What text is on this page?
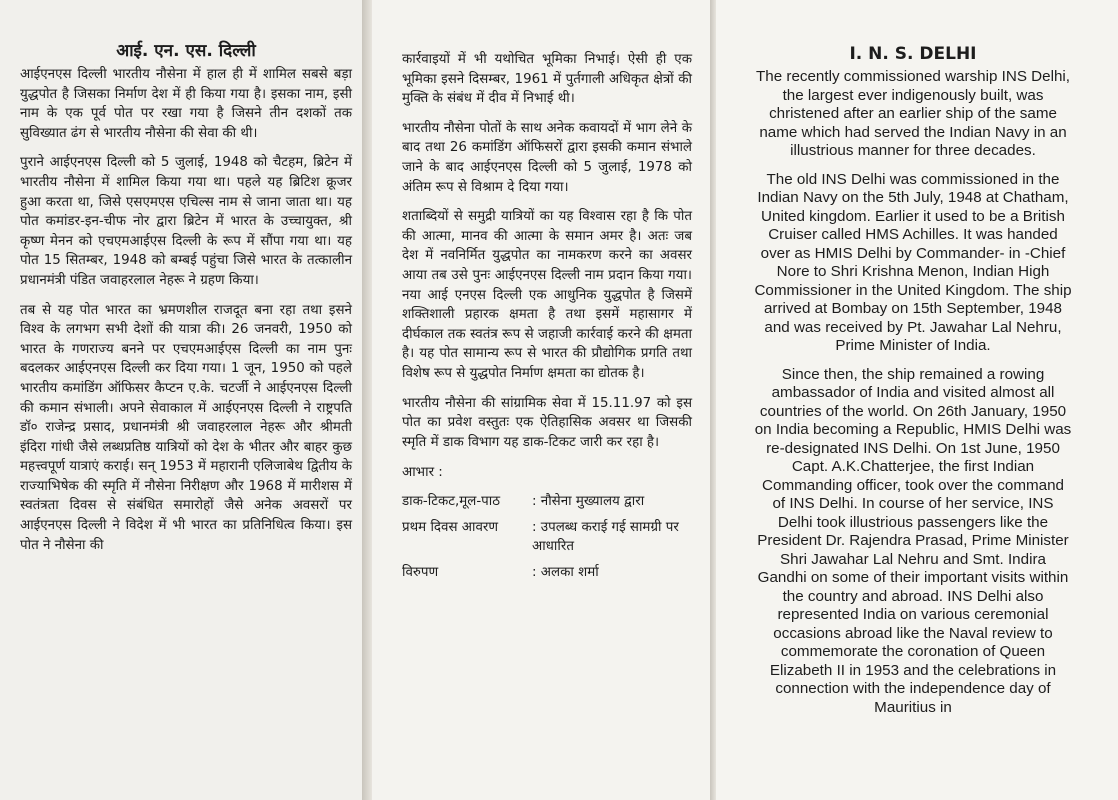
आई. एन. एस. दिल्ली

आईएनएस दिल्ली भारतीय नौसेना में हाल ही में शामिल सबसे बड़ा युद्धपोत है जिसका निर्माण देश में ही किया गया है। इसका नाम, इसी नाम के एक पूर्व पोत पर रखा गया है जिसने तीन दशकों तक सुविख्यात ढंग से भारतीय नौसेना की सेवा की थी।

पुराने आईएनएस दिल्ली को 5 जुलाई, 1948 को चैटहम, ब्रिटेन में भारतीय नौसेना में शामिल किया गया था। पहले यह ब्रिटिश क्रूजर हुआ करता था, जिसे एसएमएस एचिल्स नाम से जाना जाता था। यह पोत कमांडर-इन-चीफ नोर द्वारा ब्रिटेन में भारत के उच्चायुक्त, श्री कृष्ण मेनन को एचएमआईएस दिल्ली के रूप में सौंपा गया था। यह पोत 15 सितम्बर, 1948 को बम्बई पहुंचा जिसे भारत के तत्कालीन प्रधानमंत्री पंडित जवाहरलाल नेहरू ने ग्रहण किया।

तब से यह पोत भारत का भ्रमणशील राजदूत बना रहा तथा इसने विश्व के लगभग सभी देशों की यात्रा की। 26 जनवरी, 1950 को भारत के गणराज्य बनने पर एचएमआईएस दिल्ली का नाम पुनः बदलकर आईएनएस दिल्ली कर दिया गया। 1 जून, 1950 को पहले भारतीय कमांडिंग ऑफिसर कैप्टन ए.के. चटर्जी ने आईएनएस दिल्ली की कमान संभाली। अपने सेवाकाल में आईएनएस दिल्ली ने राष्ट्रपति डॉ० राजेन्द्र प्रसाद, प्रधानमंत्री श्री जवाहरलाल नेहरू और श्रीमती इंदिरा गांधी जैसे लब्धप्रतिष्ठ यात्रियों को देश के भीतर और बाहर कुछ महत्त्वपूर्ण यात्राएं कराई। सन् 1953 में महारानी एलिजाबेथ द्वितीय के राज्याभिषेक की स्मृति में नौसेना निरीक्षण और 1968 में मारीशस में स्वतंत्रता दिवस से संबंधित समारोहों जैसे अनेक अवसरों पर आईएनएस दिल्ली ने विदेश में भी भारत का प्रतिनिधित्व किया। इस पोत ने नौसेना की

कार्रवाइयों में भी यथोचित भूमिका निभाई। ऐसी ही एक भूमिका इसने दिसम्बर, 1961 में पुर्तगाली अधिकृत क्षेत्रों की मुक्ति के संबंध में दीव में निभाई थी।

भारतीय नौसेना पोतों के साथ अनेक कवायदों में भाग लेने के बाद तथा 26 कमांडिंग ऑफिसरों द्वारा इसकी कमान संभाले जाने के बाद आईएनएस दिल्ली को 5 जुलाई, 1978 को अंतिम रूप से विश्राम दे दिया गया।

शताब्दियों से समुद्री यात्रियों का यह विश्वास रहा है कि पोत की आत्मा, मानव की आत्मा के समान अमर है। अतः जब देश में नवनिर्मित युद्धपोत का नामकरण करने का अवसर आया तब उसे पुनः आईएनएस दिल्ली नाम प्रदान किया गया। नया आई एनएस दिल्ली एक आधुनिक युद्धपोत है जिसमें शक्तिशाली प्रहारक क्षमता है तथा इसमें महासागर में दीर्घकाल तक स्वतंत्र रूप से जहाजी कार्रवाई करने की क्षमता है। यह पोत सामान्य रूप से भारत की प्रौद्योगिक प्रगति तथा विशेष रूप से युद्धपोत निर्माण क्षमता का द्योतक है।

भारतीय नौसेना की सांग्रामिक सेवा में 15.11.97 को इस पोत का प्रवेश वस्तुतः एक ऐतिहासिक अवसर था जिसकी स्मृति में डाक विभाग यह डाक-टिकट जारी कर रहा है।

आभार :
डाक-टिकट,मूल-पाठ	: नौसेना मुख्यालय द्वारा
प्रथम दिवस आवरण	: उपलब्ध कराई गई सामग्री पर आधारित
विरुपण	: अलका शर्मा
I. N. S. DELHI

The recently commissioned warship INS Delhi, the largest ever indigenously built, was christened after an earlier ship of the same name which had served the Indian Navy in an illustrious manner for three decades.

The old INS Delhi was commissioned in the Indian Navy on the 5th July, 1948 at Chatham, United kingdom. Earlier it used to be a British Cruiser called HMS Achilles. It was handed over as HMIS Delhi by Commander- in -Chief Nore to Shri Krishna Menon, Indian High Commissioner in the United Kingdom. The ship arrived at Bombay on 15th September, 1948 and was received by Pt. Jawahar Lal Nehru, Prime Minister of India.

Since then, the ship remained a rowing ambassador of India and visited almost all countries of the world. On 26th January, 1950 on India becoming a Republic, HMIS Delhi was re-designated INS Delhi. On 1st June, 1950 Capt. A.K.Chatterjee, the first Indian Commanding officer, took over the command of INS Delhi. In course of her service, INS Delhi took illustrious passengers like the President Dr. Rajendra Prasad, Prime Minister Shri Jawahar Lal Nehru and Smt. Indira Gandhi on some of their important visits within the country and abroad. INS Delhi also represented India on various ceremonial occasions abroad like the Naval review to commemorate the coronation of Queen Elizabeth II in 1953 and the celebrations in connection with the independence day of Mauritius in
